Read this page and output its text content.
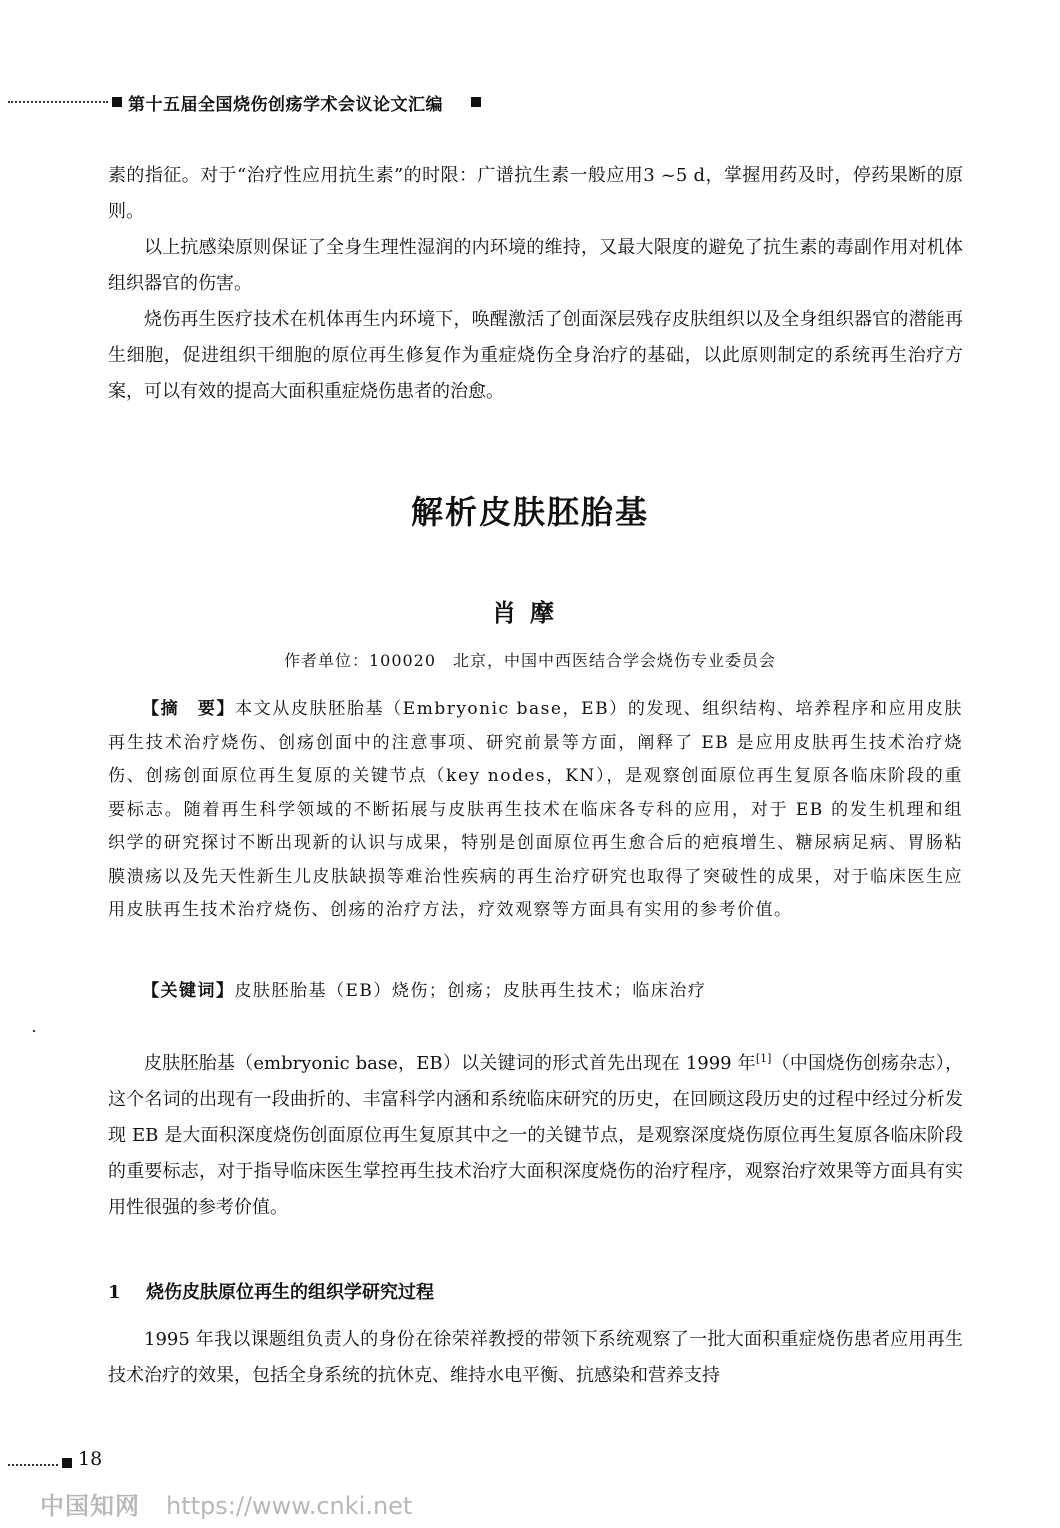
第十五届全国烧伤创疡学术会议论文汇编
素的指征。对于“治疗性应用抗生素”的时限：广谱抗生素一般应用3 ~5 d，掌握用药及时，停药果断的原则。
以上抗感染原则保证了全身生理性湿润的内环境的维持，又最大限度的避免了抗生素的毒副作用对机体组织器官的伤害。
烧伤再生医疗技术在机体再生内环境下，唤醒激活了创面深层残存皮肤组织以及全身组织器官的潜能再生细胞，促进组织干细胞的原位再生修复作为重症烧伤全身治疗的基础，以此原则制定的系统再生治疗方案，可以有效的提高大面积重症烧伤患者的治愈。
解析皮肤胚胎基
肖摩
作者单位：100020　北京，中国中西医结合学会烧伤专业委员会
【摘　要】本文从皮肤胚胎基（Embryonic base，EB）的发现、组织结构、培养程序和应用皮肤再生技术治疗烧伤、创疡创面中的注意事项、研究前景等方面，阐释了 EB 是应用皮肤再生技术治疗烧伤、创疡创面原位再生复原的关键节点（key nodes，KN），是观察创面原位再生复原各临床阶段的重要标志。随着再生科学领域的不断拓展与皮肤再生技术在临床各专科的应用，对于 EB 的发生机理和组织学的研究探讨不断出现新的认识与成果，特别是创面原位再生愈合后的疤痕增生、糖尿病足病、胃肠粘膜溃疡以及先天性新生儿皮肤缺损等难治性疾病的再生治疗研究也取得了突破性的成果，对于临床医生应用皮肤再生技术治疗烧伤、创疡的治疗方法，疗效观察等方面具有实用的参考价值。
【关键词】皮肤胚胎基（EB）烧伤；创疡；皮肤再生技术；临床治疗
皮肤胚胎基（embryonic base，EB）以关键词的形式首先出现在 1999 年[1]（中国烧伤创疡杂志），这个名词的出现有一段曲折的、丰富科学内涵和系统临床研究的历史，在回顾这段历史的过程中经过分析发现 EB 是大面积深度烧伤创面原位再生复原其中之一的关键节点，是观察深度烧伤原位再生复原各临床阶段的重要标志，对于指导临床医生掌控再生技术治疗大面积深度烧伤的治疗程序，观察治疗效果等方面具有实用性很强的参考价值。
1 烧伤皮肤原位再生的组织学研究过程
1995 年我以课题组负责人的身份在徐荣祥教授的带领下系统观察了一批大面积重症烧伤患者应用再生技术治疗的效果，包括全身系统的抗休克、维持水电平衡、抗感染和营养支持
18
中国知网 https://www.cnki.net
